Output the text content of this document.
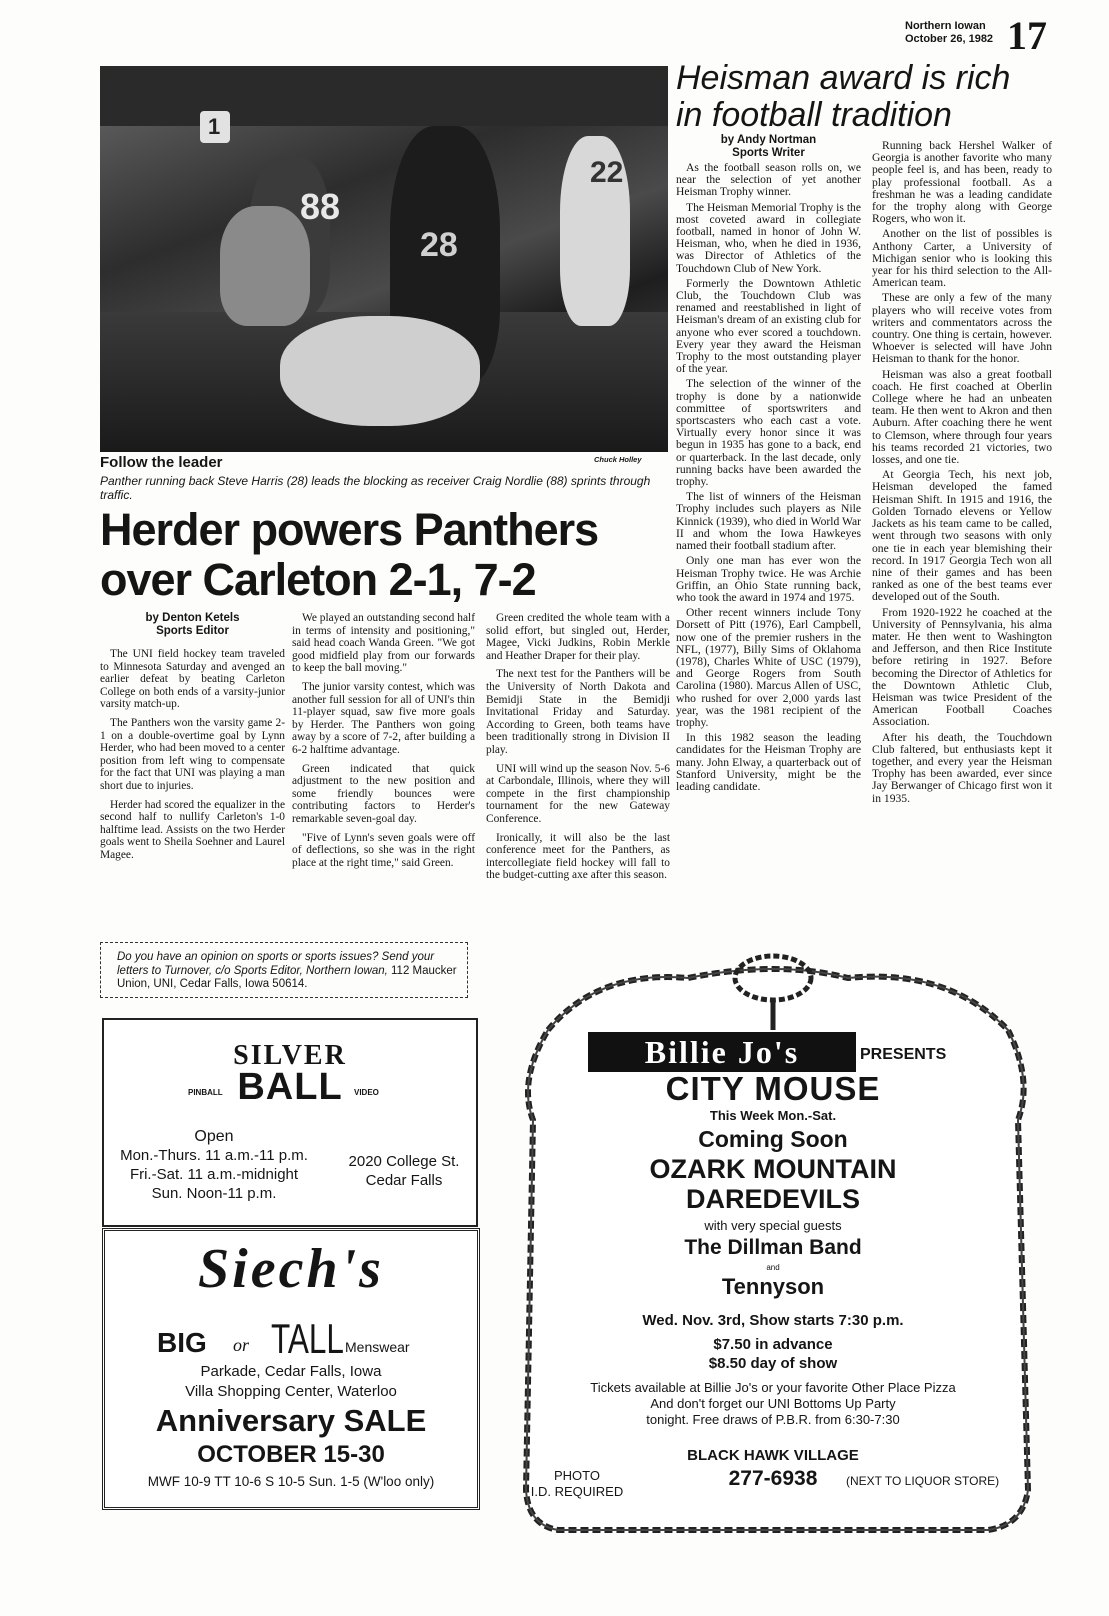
Northern Iowan
October 26, 1982 17
1
88
28
22
Chuck Holley
Follow the leader
Panther running back Steve Harris (28) leads the blocking as receiver Craig Nordlie (88) sprints through traffic.
Herder powers Panthers
over Carleton 2-1, 7-2
by Denton Ketels
Sports Editor

The UNI field hockey team traveled to Minnesota Saturday and avenged an earlier defeat by beating Carleton College on both ends of a varsity-junior varsity match-up.

The Panthers won the varsity game 2-1 on a double-overtime goal by Lynn Herder, who had been moved to a center position from left wing to compensate for the fact that UNI was playing a man short due to injuries.

Herder had scored the equalizer in the second half to nullify Carleton's 1-0 halftime lead. Assists on the two Herder goals went to Sheila Soehner and Laurel Magee.

We played an outstanding second half in terms of intensity and positioning," said head coach Wanda Green. "We got good midfield play from our forwards to keep the ball moving."

The junior varsity contest, which was another full session for all of UNI's thin 11-player squad, saw five more goals by Herder. The Panthers won going away by a score of 7-2, after building a 6-2 halftime advantage.

Green indicated that quick adjustment to the new position and some friendly bounces were contributing factors to Herder's remarkable seven-goal day.

"Five of Lynn's seven goals were off of deflections, so she was in the right place at the right time," said Green.

Green credited the whole team with a solid effort, but singled out, Herder, Magee, Vicki Judkins, Robin Merkle and Heather Draper for their play.

The next test for the Panthers will be the University of North Dakota and Bemidji State in the Bemidji Invitational Friday and Saturday. According to Green, both teams have been traditionally strong in Division II play.

UNI will wind up the season Nov. 5-6 at Carbondale, Illinois, where they will compete in the first championship tournament for the new Gateway Conference.

Ironically, it will also be the last conference meet for the Panthers, as intercollegiate field hockey will fall to the budget-cutting axe after this season.

Heisman award is rich
in football tradition
by Andy Nortman
Sports Writer

As the football season rolls on, we near the selection of yet another Heisman Trophy winner.

The Heisman Memorial Trophy is the most coveted award in collegiate football, named in honor of John W. Heisman, who, when he died in 1936, was Director of Athletics of the Touchdown Club of New York.

Formerly the Downtown Athletic Club, the Touchdown Club was renamed and reestablished in light of Heisman's dream of an existing club for anyone who ever scored a touchdown. Every year they award the Heisman Trophy to the most outstanding player of the year.

The selection of the winner of the trophy is done by a nationwide committee of sportswriters and sportscasters who each cast a vote. Virtually every honor since it was begun in 1935 has gone to a back, end or quarterback. In the last decade, only running backs have been awarded the trophy.

The list of winners of the Heisman Trophy includes such players as Nile Kinnick (1939), who died in World War II and whom the Iowa Hawkeyes named their football stadium after.

Only one man has ever won the Heisman Trophy twice. He was Archie Griffin, an Ohio State running back, who took the award in 1974 and 1975.

Other recent winners include Tony Dorsett of Pitt (1976), Earl Campbell, now one of the premier rushers in the NFL, (1977), Billy Sims of Oklahoma (1978), Charles White of USC (1979), and George Rogers from South Carolina (1980). Marcus Allen of USC, who rushed for over 2,000 yards last year, was the 1981 recipient of the trophy.

In this 1982 season the leading candidates for the Heisman Trophy are many. John Elway, a quarterback out of Stanford University, might be the leading candidate.

Running back Hershel Walker of Georgia is another favorite who many people feel is, and has been, ready to play professional football. As a freshman he was a leading candidate for the trophy along with George Rogers, who won it.

Another on the list of possibles is Anthony Carter, a University of Michigan senior who is looking this year for his third selection to the All-American team.

These are only a few of the many players who will receive votes from writers and commentators across the country. One thing is certain, however. Whoever is selected will have John Heisman to thank for the honor.

Heisman was also a great football coach. He first coached at Oberlin College where he had an unbeaten team. He then went to Akron and then Auburn. After coaching there he went to Clemson, where through four years his teams recorded 21 victories, two losses, and one tie.

At Georgia Tech, his next job, Heisman developed the famed Heisman Shift. In 1915 and 1916, the Golden Tornado elevens or Yellow Jackets as his team came to be called, went through two seasons with only one tie in each year blemishing their record. In 1917 Georgia Tech won all nine of their games and has been ranked as one of the best teams ever developed out of the South.

From 1920-1922 he coached at the University of Pennsylvania, his alma mater. He then went to Washington and Jefferson, and then Rice Institute before retiring in 1927. Before becoming the Director of Athletics for the Downtown Athletic Club, Heisman was twice President of the American Football Coaches Association.

After his death, the Touchdown Club faltered, but enthusiasts kept it together, and every year the Heisman Trophy has been awarded, ever since Jay Berwanger of Chicago first won it in 1935.

Do you have an opinion on sports or sports issues? Send your letters to Turnover, c/o Sports Editor, Northern Iowan, 112 Maucker Union, UNI, Cedar Falls, Iowa 50614.
SILVER
BALL
PINBALL	VIDEO
Open
Mon.-Thurs. 11 a.m.-11 p.m.
Fri.-Sat. 11 a.m.-midnight
Sun. Noon-11 p.m.
2020 College St.
Cedar Falls
Siech's
BIG or TALL Menswear
Parkade, Cedar Falls, Iowa
Villa Shopping Center, Waterloo
Anniversary SALE
OCTOBER 15-30
MWF 10-9 TT 10-6 S 10-5 Sun. 1-5 (W'loo only)
Billie Jo's	PRESENTS
CITY MOUSE
This Week Mon.-Sat.
Coming Soon
OZARK MOUNTAIN
DAREDEVILS
with very special guests
The Dillman Band
and
Tennyson
Wed. Nov. 3rd, Show starts 7:30 p.m.
$7.50 in advance
$8.50 day of show
Tickets available at Billie Jo's or your favorite Other Place Pizza
And don't forget our UNI Bottoms Up Party
tonight. Free draws of P.B.R. from 6:30-7:30
PHOTO
I.D. REQUIRED
BLACK HAWK VILLAGE
277-6938	(NEXT TO LIQUOR STORE)
